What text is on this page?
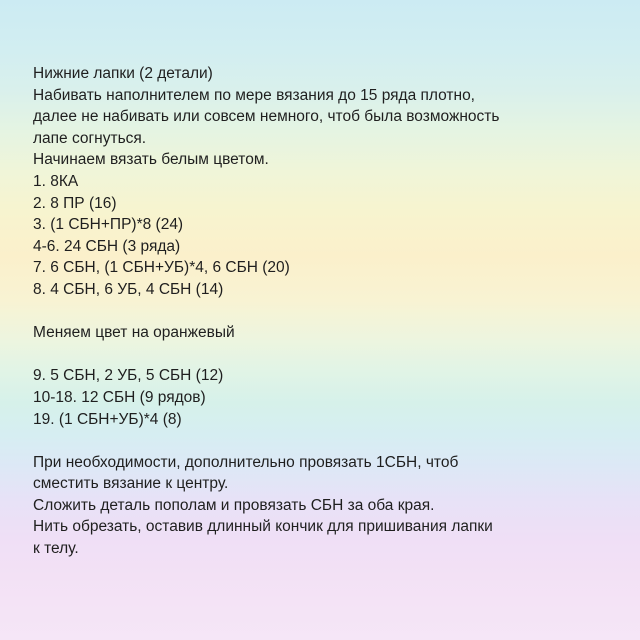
Нижние лапки (2 детали)
Набивать наполнителем по мере вязания до 15 ряда плотно,
далее не набивать или совсем немного, чтоб была возможность
лапе согнуться.
Начинаем вязать белым цветом.
1. 8КА
2. 8 ПР (16)
3. (1 СБН+ПР)*8 (24)
4-6. 24 СБН (3 ряда)
7. 6 СБН, (1 СБН+УБ)*4, 6 СБН (20)
8. 4 СБН, 6 УБ, 4 СБН (14)
Меняем цвет на оранжевый
9. 5 СБН, 2 УБ, 5 СБН (12)
10-18. 12 СБН (9 рядов)
19. (1 СБН+УБ)*4 (8)
При необходимости, дополнительно провязать 1СБН, чтоб
сместить вязание к центру.
Сложить деталь пополам и провязать СБН за оба края.
Нить обрезать, оставив длинный кончик для пришивания лапки
к телу.
